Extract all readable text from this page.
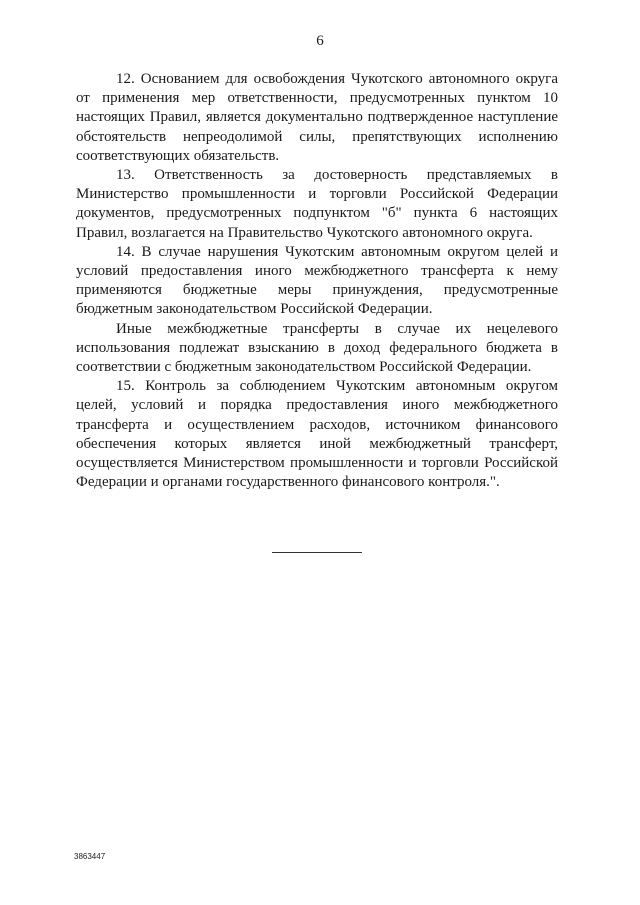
6

12. Основанием для освобождения Чукотского автономного округа от применения мер ответственности, предусмотренных пунктом 10 настоящих Правил, является документально подтвержденное наступление обстоятельств непреодолимой силы, препятствующих исполнению соответствующих обязательств.

13. Ответственность за достоверность представляемых в Министерство промышленности и торговли Российской Федерации документов, предусмотренных подпунктом "б" пункта 6 настоящих Правил, возлагается на Правительство Чукотского автономного округа.

14. В случае нарушения Чукотским автономным округом целей и условий предоставления иного межбюджетного трансферта к нему применяются бюджетные меры принуждения, предусмотренные бюджетным законодательством Российской Федерации.

Иные межбюджетные трансферты в случае их нецелевого использования подлежат взысканию в доход федерального бюджета в соответствии с бюджетным законодательством Российской Федерации.

15. Контроль за соблюдением Чукотским автономным округом целей, условий и порядка предоставления иного межбюджетного трансферта и осуществлением расходов, источником финансового обеспечения которых является иной межбюджетный трансферт, осуществляется Министерством промышленности и торговли Российской Федерации и органами государственного финансового контроля.".

3863447
